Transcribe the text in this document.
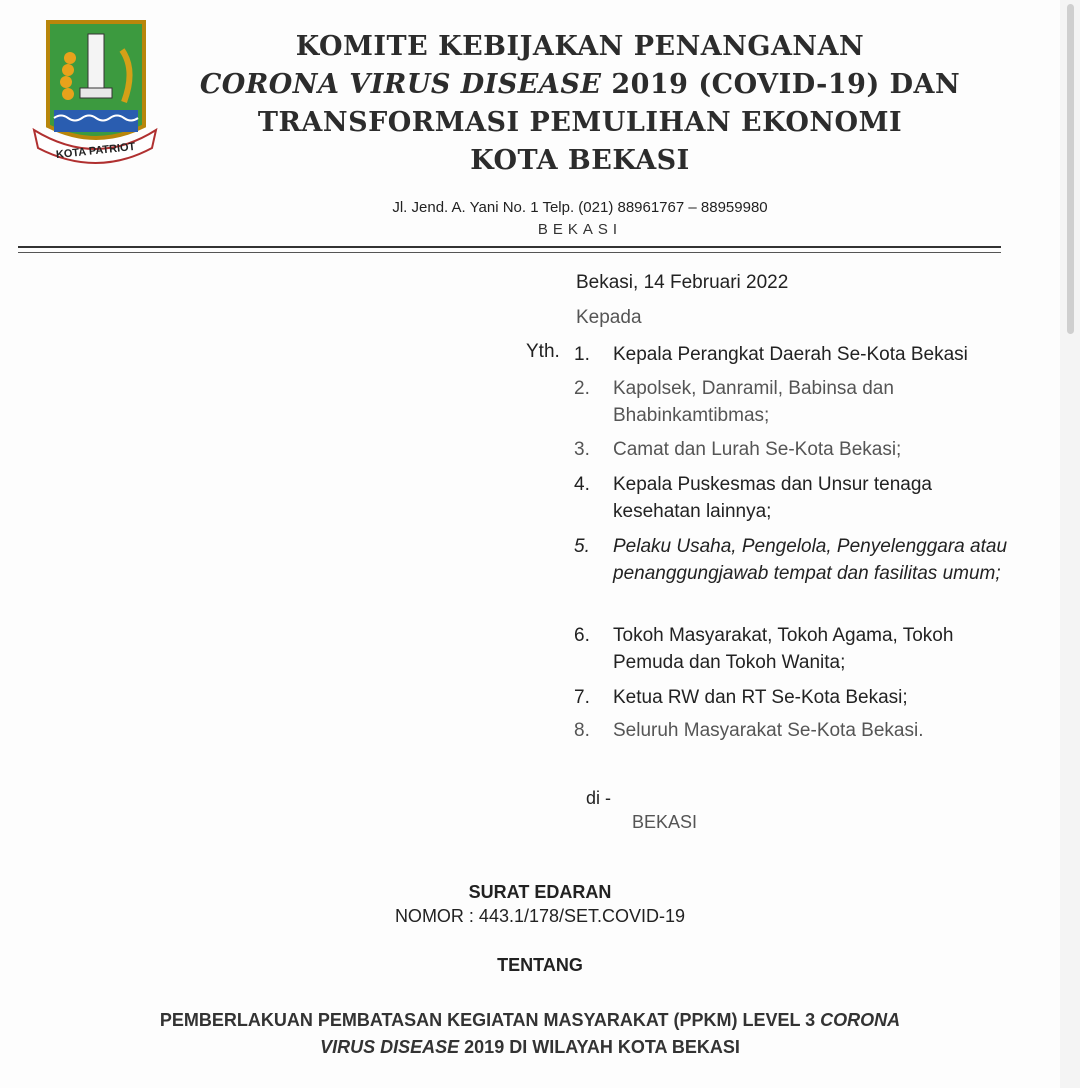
KOTA PATRIOT
KOMITE KEBIJAKAN PENANGANAN
CORONA VIRUS DISEASE 2019 (COVID-19) DAN
TRANSFORMASI PEMULIHAN EKONOMI
KOTA BEKASI
Jl. Jend. A. Yani No. 1 Telp. (021) 88961767 – 88959980
BEKASI
Bekasi, 14 Februari 2022
Kepada
Yth. 1.	Kepala Perangkat Daerah Se-Kota Bekasi
2.	Kapolsek, Danramil, Babinsa dan Bhabinkamtibmas;
3.	Camat dan Lurah Se-Kota Bekasi;
4.	Kepala Puskesmas dan Unsur tenaga kesehatan lainnya;
5.	Pelaku Usaha, Pengelola, Penyelenggara atau penanggungjawab tempat dan fasilitas umum;
6.	Tokoh Masyarakat, Tokoh Agama, Tokoh Pemuda dan Tokoh Wanita;
7.	Ketua RW dan RT Se-Kota Bekasi;
8.	Seluruh Masyarakat Se-Kota Bekasi.
di -
BEKASI
SURAT EDARAN
NOMOR : 443.1/178/SET.COVID-19
TENTANG
PEMBERLAKUAN PEMBATASAN KEGIATAN MASYARAKAT (PPKM) LEVEL 3 CORONA
VIRUS DISEASE 2019 DI WILAYAH KOTA BEKASI
